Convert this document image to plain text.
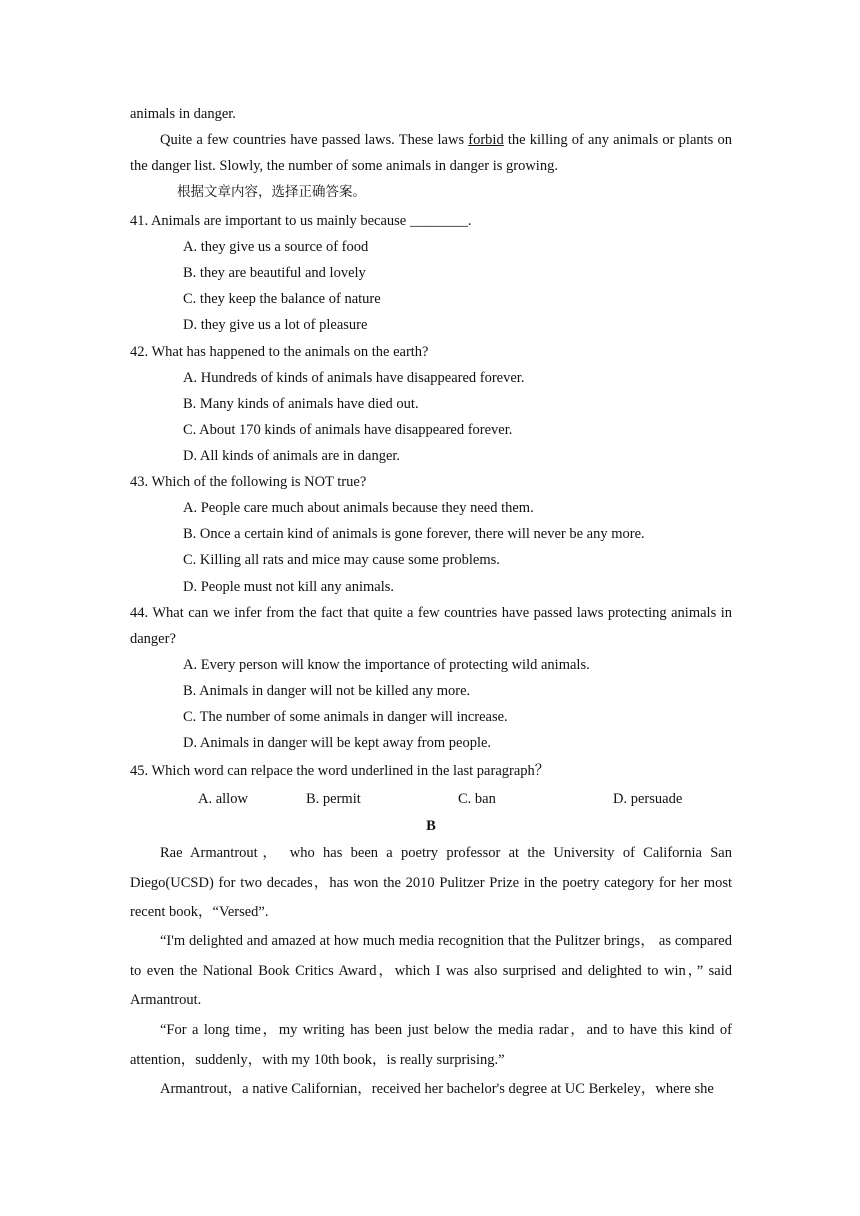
animals in danger.

Quite a few countries have passed laws. These laws forbid the killing of any animals or plants on the danger list. Slowly, the number of some animals in danger is growing.

根据文章内容，选择正确答案。

41. Animals are important to us mainly because ________.

A. they give us a source of food

B. they are beautiful and lovely

C. they keep the balance of nature

D. they give us a lot of pleasure

42. What has happened to the animals on the earth?

A. Hundreds of kinds of animals have disappeared forever.

B. Many kinds of animals have died out.

C. About 170 kinds of animals have disappeared forever.

D. All kinds of animals are in danger.

43. Which of the following is NOT true?

A. People care much about animals because they need them.

B. Once a certain kind of animals is gone forever, there will never be any more.

C. Killing all rats and mice may cause some problems.

D. People must not kill any animals.

44. What can we infer from the fact that quite a few countries have passed laws protecting animals in danger?

A. Every person will know the importance of protecting wild animals.

B. Animals in danger will not be killed any more.

C. The number of some animals in danger will increase.

D. Animals in danger will be kept away from people.

45. Which word can relpace the word underlined in the last paragraph？

A. allow	B. permit	C. ban	D. persuade

B

Rae Armantrout， who has been a poetry professor at the University of California San Diego(UCSD) for two decades，has won the 2010 Pulitzer Prize in the poetry category for her most recent book，“Versed”.

“I'm delighted and amazed at how much media recognition that the Pulitzer brings， as compared to even the National Book Critics Award，which I was also surprised and delighted to win，” said Armantrout.

“For a long time，my writing has been just below the media radar，and to have this kind of attention，suddenly，with my 10th book，is really surprising.”

Armantrout，a native Californian，received her bachelor's degree at UC Berkeley，where she
